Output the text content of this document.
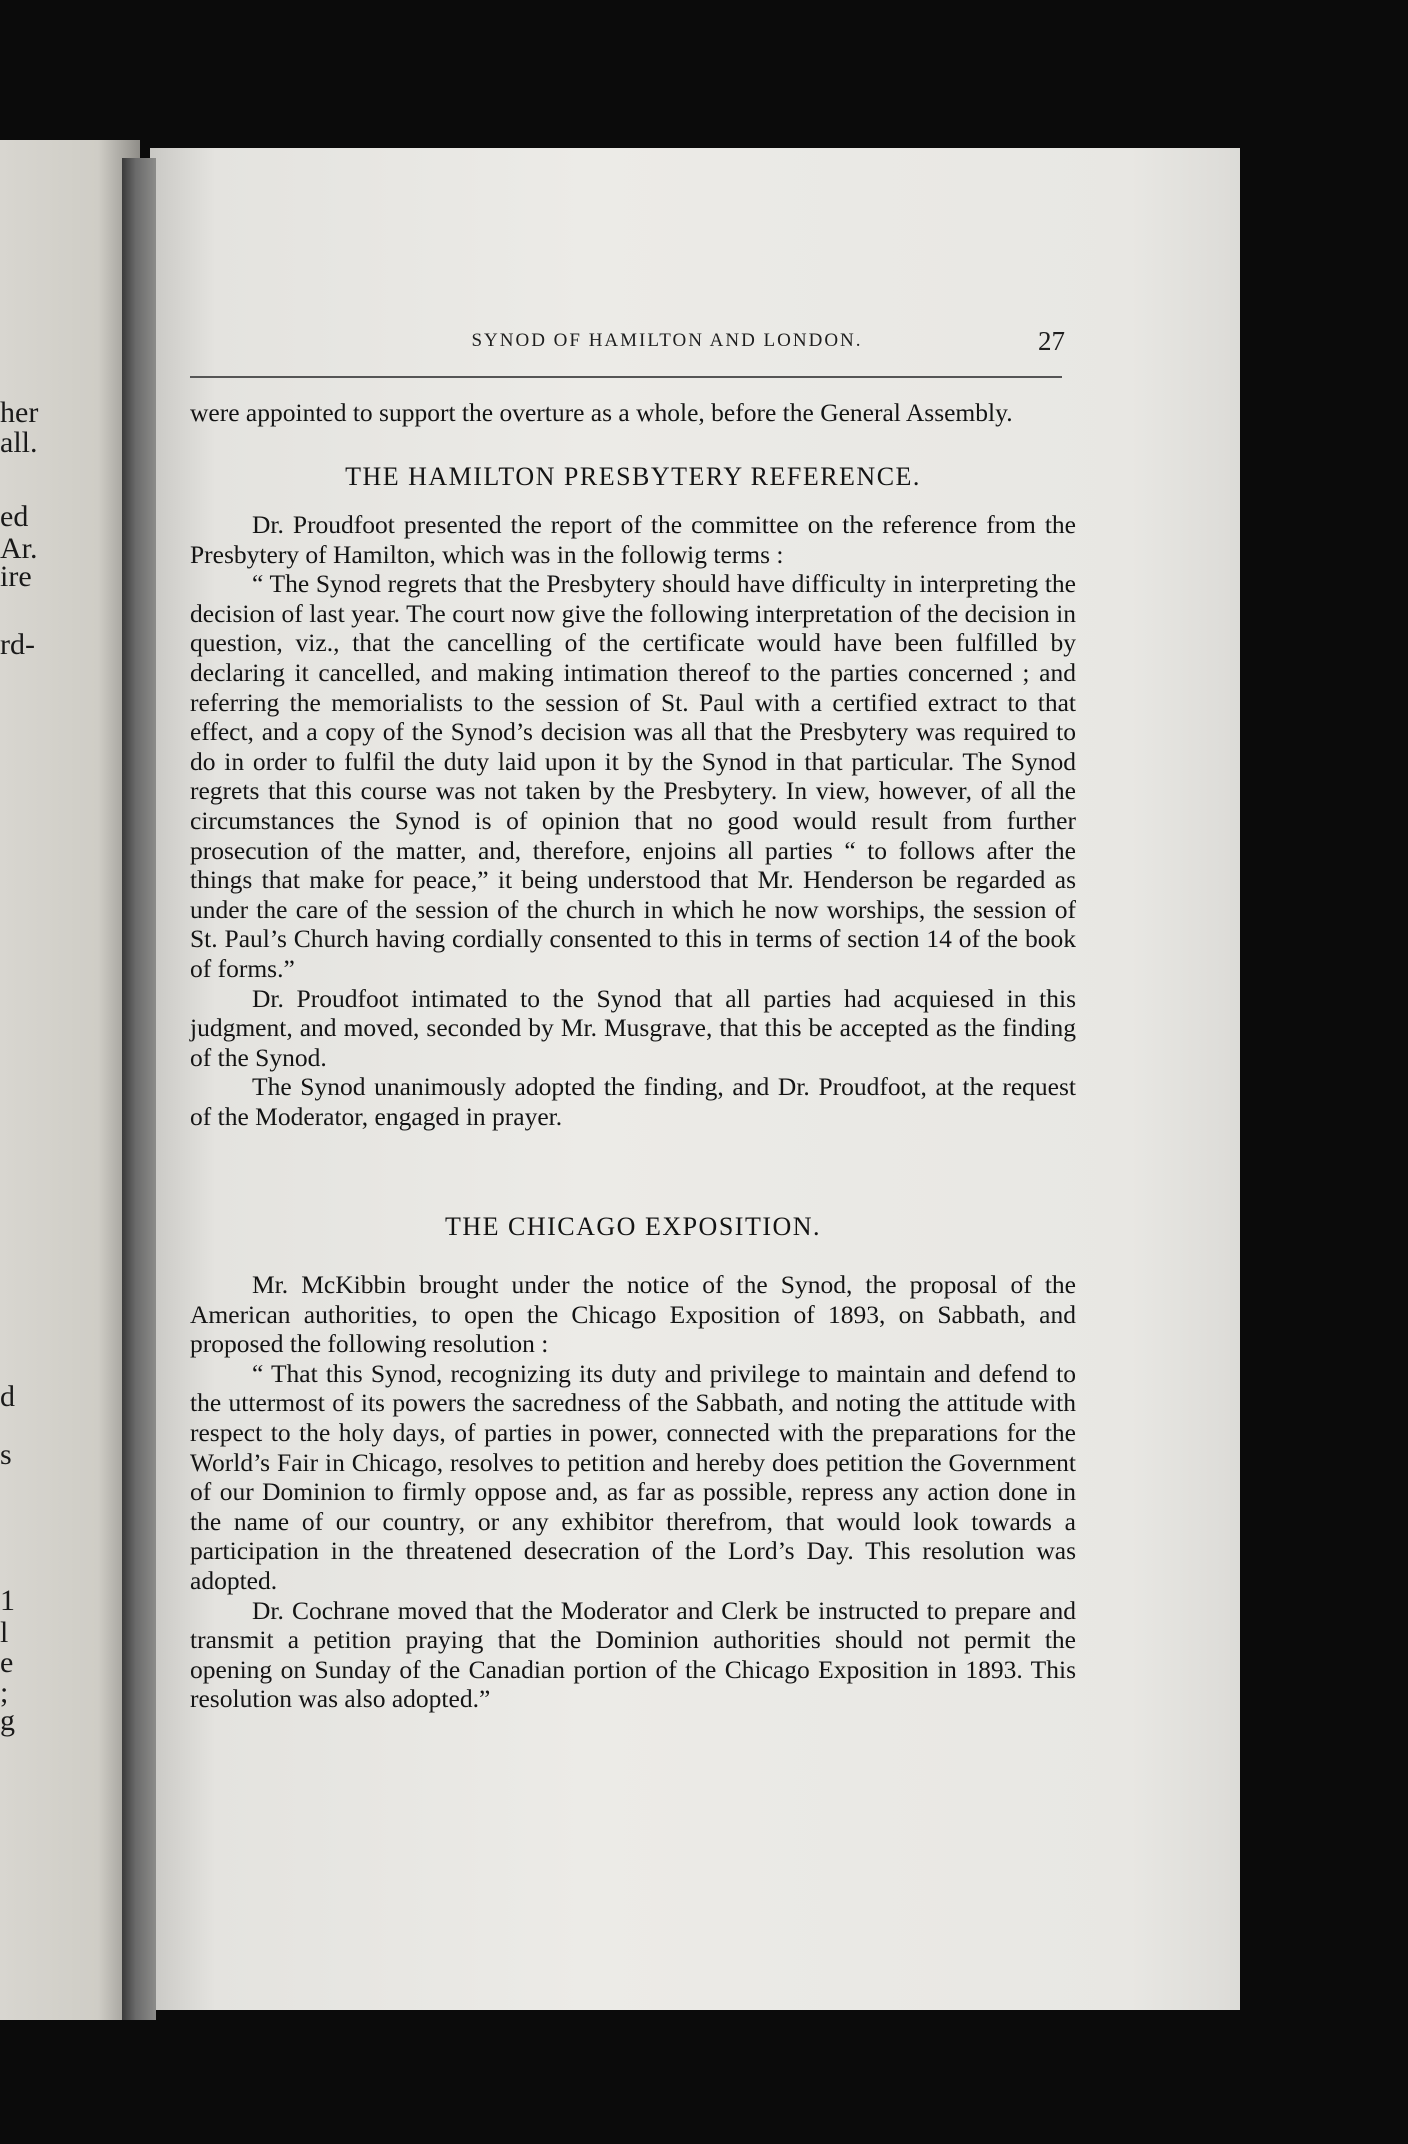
her
all.
ed
Ar.
ire
rd-
d
s
1
l
e
;
g
SYNOD OF HAMILTON AND LONDON.	27

were appointed to support the overture as a whole, before the General Assembly.

THE HAMILTON PRESBYTERY REFERENCE.

Dr. Proudfoot presented the report of the committee on the reference from the Presbytery of Hamilton, which was in the followig terms :

“ The Synod regrets that the Presbytery should have difficulty in interpreting the decision of last year. The court now give the following interpretation of the decision in question, viz., that the cancelling of the certificate would have been fulfilled by declaring it cancelled, and making intimation thereof to the parties concerned ; and referring the memorialists to the session of St. Paul with a certified extract to that effect, and a copy of the Synod’s decision was all that the Presbytery was required to do in order to fulfil the duty laid upon it by the Synod in that particular. The Synod regrets that this course was not taken by the Presbytery. In view, however, of all the circumstances the Synod is of opinion that no good would result from further prosecution of the matter, and, therefore, enjoins all parties “ to follows after the things that make for peace,” it being understood that Mr. Henderson be regarded as under the care of the session of the church in which he now worships, the session of St. Paul’s Church having cordially consented to this in terms of section 14 of the book of forms.”

Dr. Proudfoot intimated to the Synod that all parties had acquiesed in this judgment, and moved, seconded by Mr. Musgrave, that this be accepted as the finding of the Synod.

The Synod unanimously adopted the finding, and Dr. Proudfoot, at the request of the Moderator, engaged in prayer.

THE CHICAGO EXPOSITION.

Mr. McKibbin brought under the notice of the Synod, the proposal of the American authorities, to open the Chicago Exposition of 1893, on Sabbath, and proposed the following resolution :

“ That this Synod, recognizing its duty and privilege to maintain and defend to the uttermost of its powers the sacredness of the Sabbath, and noting the attitude with respect to the holy days, of parties in power, connected with the preparations for the World’s Fair in Chicago, resolves to petition and hereby does petition the Government of our Dominion to firmly oppose and, as far as possible, repress any action done in the name of our country, or any exhibitor therefrom, that would look towards a participation in the threatened desecration of the Lord’s Day. This resolution was adopted.

Dr. Cochrane moved that the Moderator and Clerk be instructed to prepare and transmit a petition praying that the Dominion authorities should not permit the opening on Sunday of the Canadian portion of the Chicago Exposition in 1893. This resolution was also adopted.”
